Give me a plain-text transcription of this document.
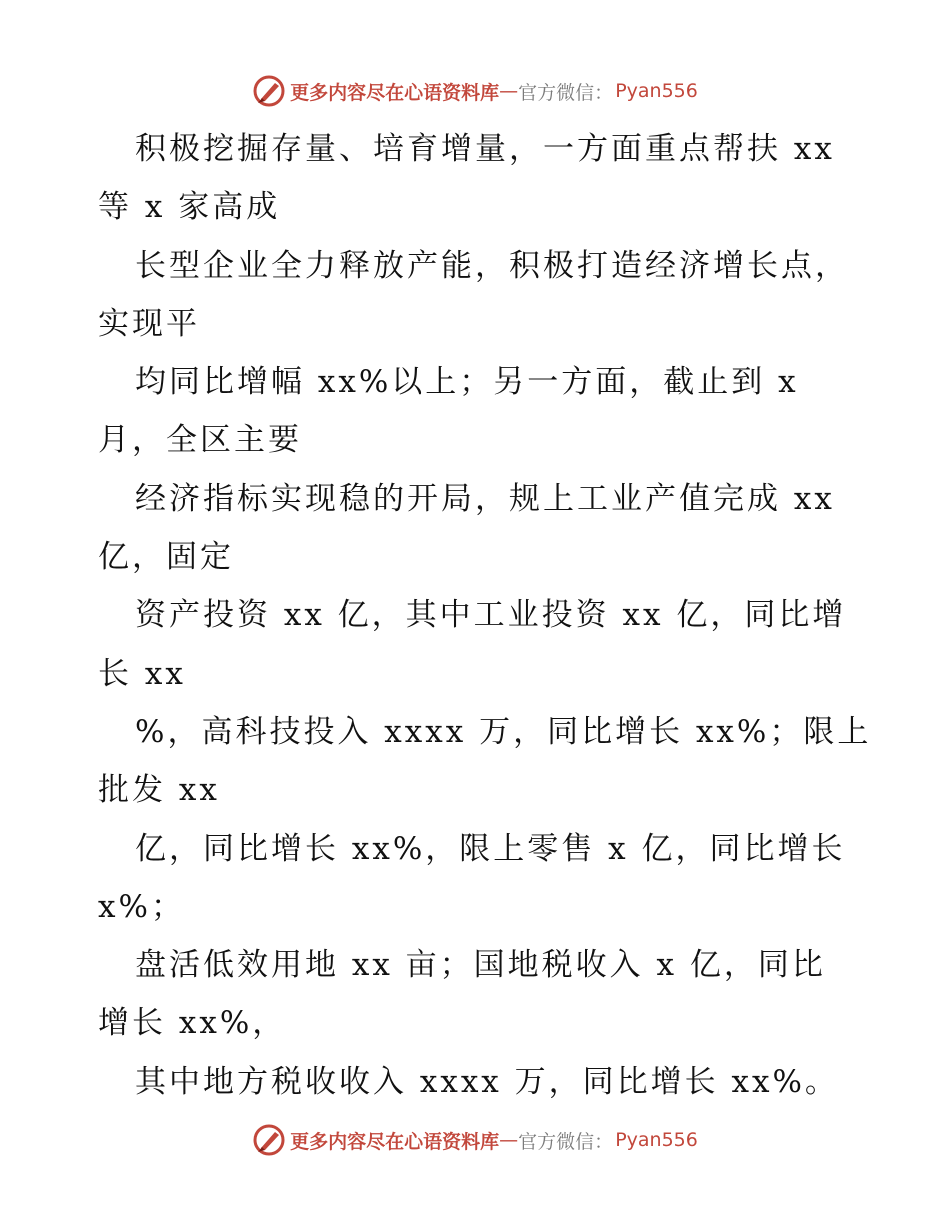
更多内容尽在心语资料库 — 官方微信： Pyan556
积极挖掘存量、培育增量，一方面重点帮扶 xx
等 x 家高成
长型企业全力释放产能，积极打造经济增长点，
实现平
均同比增幅 xx%以上；另一方面，截止到 x
月，全区主要
经济指标实现稳的开局，规上工业产值完成 xx
亿，固定
资产投资 xx 亿，其中工业投资 xx 亿，同比增
长 xx
%，高科技投入 xxxx 万，同比增长 xx%；限上
批发 xx
亿，同比增长 xx%，限上零售 x 亿，同比增长
x%；
盘活低效用地 xx 亩；国地税收入 x 亿，同比
增长 xx%，
其中地方税收收入 xxxx 万，同比增长 xx%。
更多内容尽在心语资料库 — 官方微信： Pyan556
